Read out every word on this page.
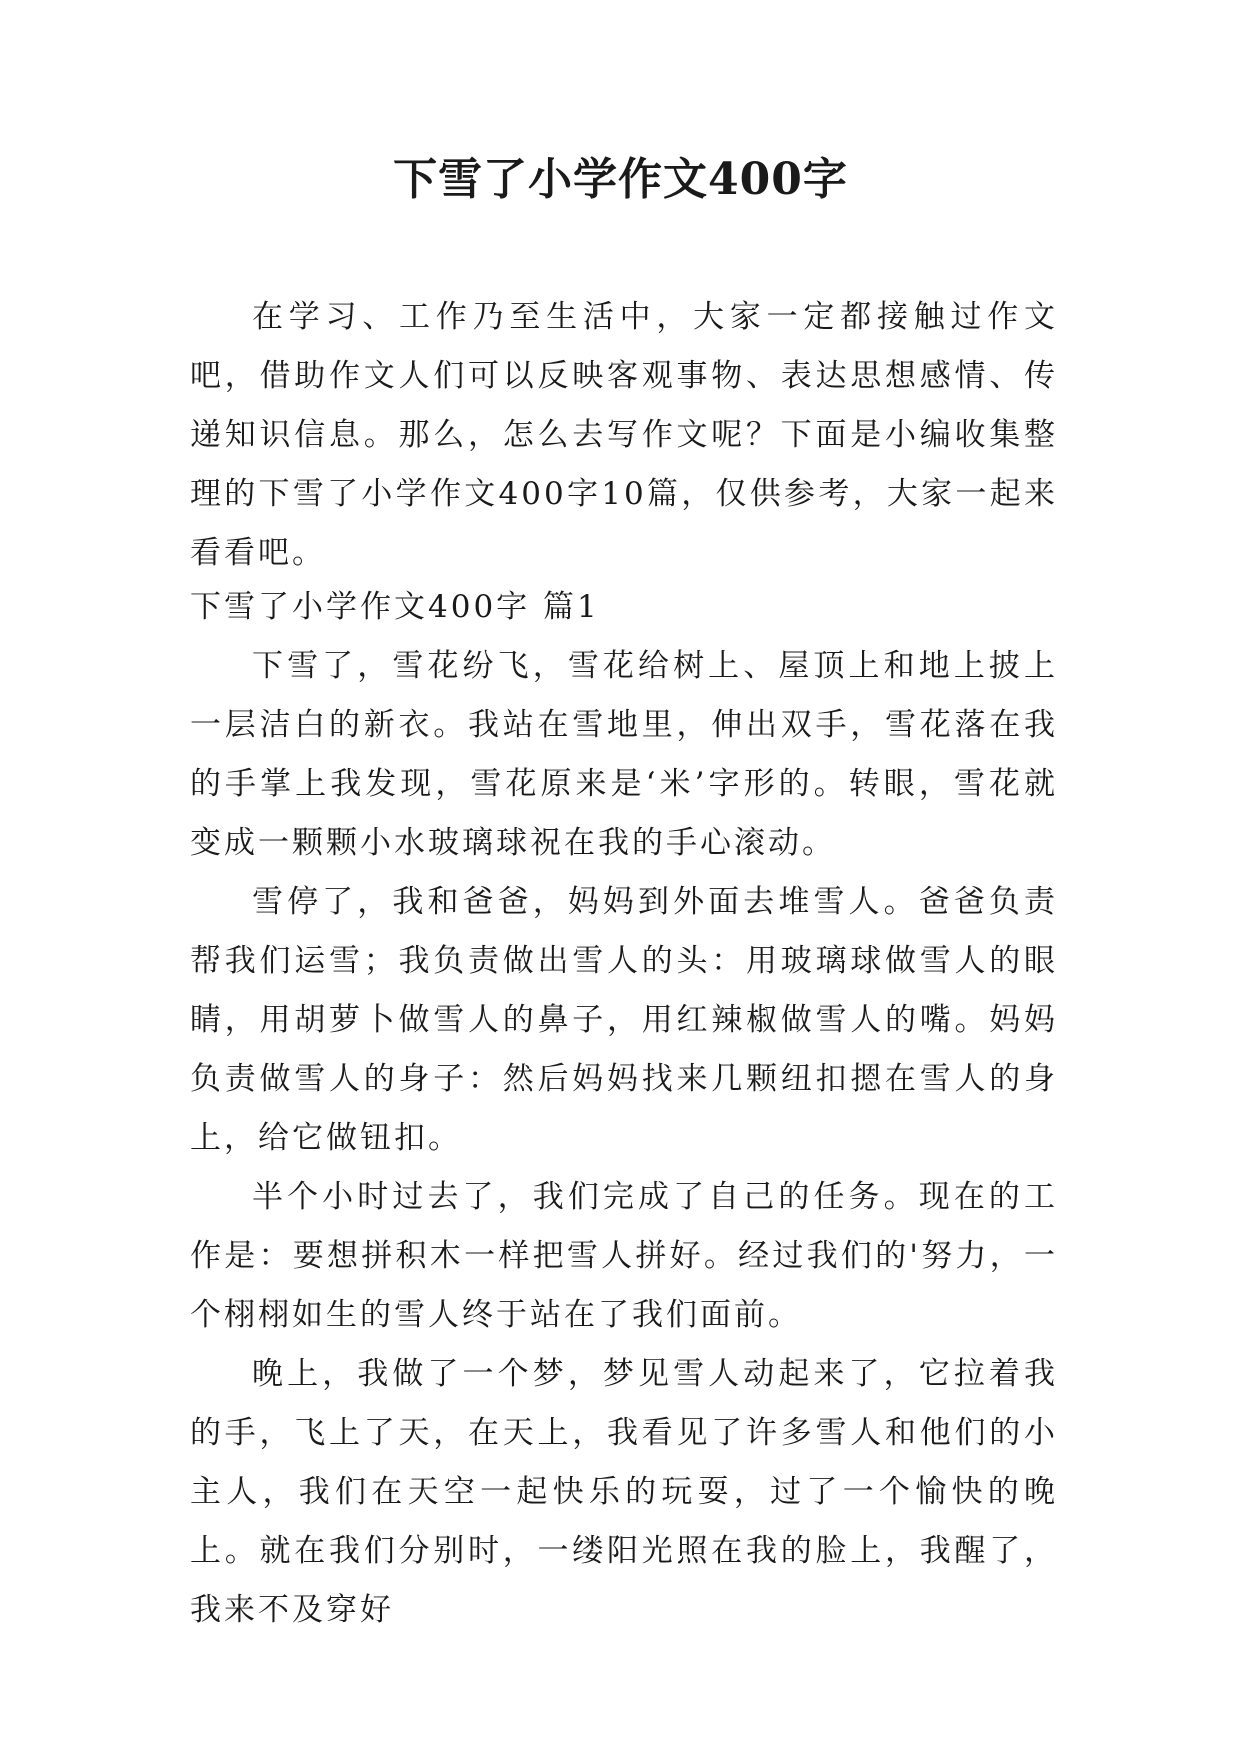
下雪了小学作文400字

在学习、工作乃至生活中，大家一定都接触过作文吧，借助作文人们可以反映客观事物、表达思想感情、传递知识信息。那么，怎么去写作文呢？下面是小编收集整理的下雪了小学作文400字10篇，仅供参考，大家一起来看看吧。

下雪了小学作文400字 篇1

下雪了，雪花纷飞，雪花给树上、屋顶上和地上披上一层洁白的新衣。我站在雪地里，伸出双手，雪花落在我的手掌上我发现，雪花原来是‘米’字形的。转眼，雪花就变成一颗颗小水玻璃球祝在我的手心滚动。

雪停了，我和爸爸，妈妈到外面去堆雪人。爸爸负责帮我们运雪；我负责做出雪人的头：用玻璃球做雪人的眼睛，用胡萝卜做雪人的鼻子，用红辣椒做雪人的嘴。妈妈负责做雪人的身子：然后妈妈找来几颗纽扣摁在雪人的身上，给它做钮扣。

半个小时过去了，我们完成了自己的任务。现在的工作是：要想拼积木一样把雪人拼好。经过我们的'努力，一个栩栩如生的雪人终于站在了我们面前。

晚上，我做了一个梦，梦见雪人动起来了，它拉着我的手，飞上了天，在天上，我看见了许多雪人和他们的小主人，我们在天空一起快乐的玩耍，过了一个愉快的晚上。就在我们分别时，一缕阳光照在我的脸上，我醒了，我来不及穿好
